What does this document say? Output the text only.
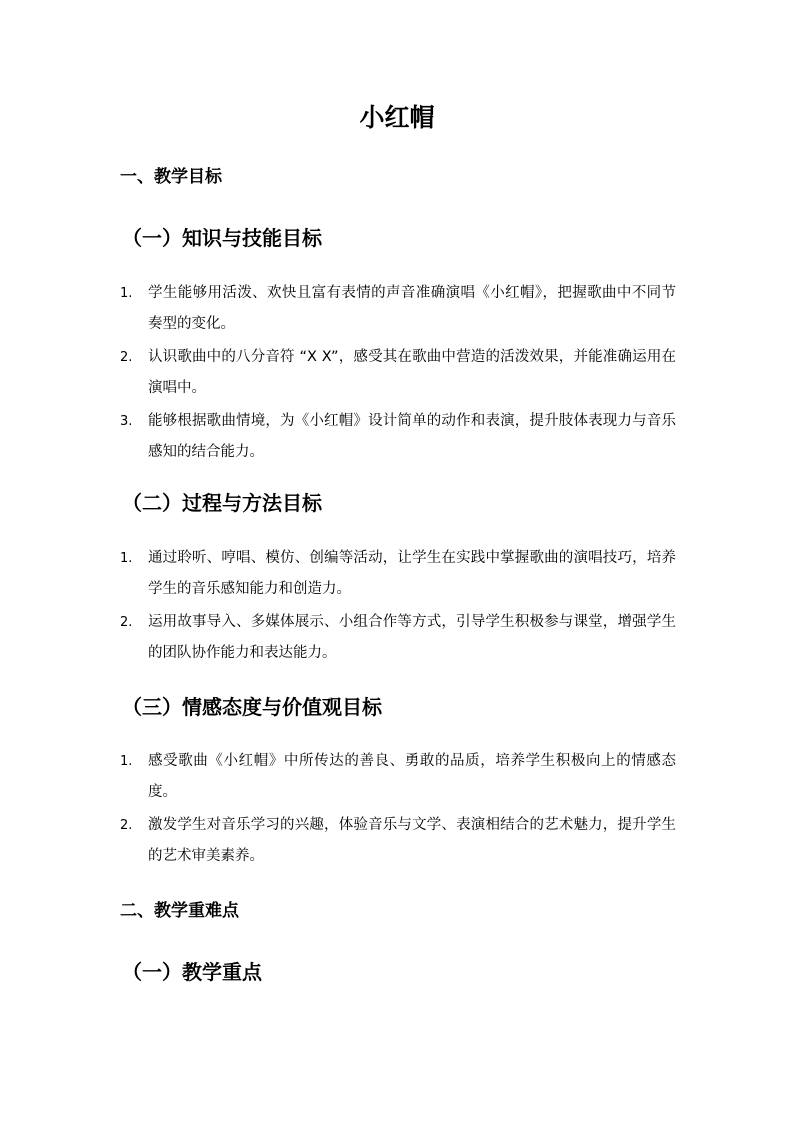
小红帽
一、教学目标
（一）知识与技能目标
1. 学生能够用活泼、欢快且富有表情的声音准确演唱《小红帽》，把握歌曲中不同节奏型的变化。
2. 认识歌曲中的八分音符 “X X”，感受其在歌曲中营造的活泼效果，并能准确运用在演唱中。
3. 能够根据歌曲情境，为《小红帽》设计简单的动作和表演，提升肢体表现力与音乐感知的结合能力。
（二）过程与方法目标
1. 通过聆听、哼唱、模仿、创编等活动，让学生在实践中掌握歌曲的演唱技巧，培养学生的音乐感知能力和创造力。
2. 运用故事导入、多媒体展示、小组合作等方式，引导学生积极参与课堂，增强学生的团队协作能力和表达能力。
（三）情感态度与价值观目标
1. 感受歌曲《小红帽》中所传达的善良、勇敢的品质，培养学生积极向上的情感态度。
2. 激发学生对音乐学习的兴趣，体验音乐与文学、表演相结合的艺术魅力，提升学生的艺术审美素养。
二、教学重难点
（一）教学重点
